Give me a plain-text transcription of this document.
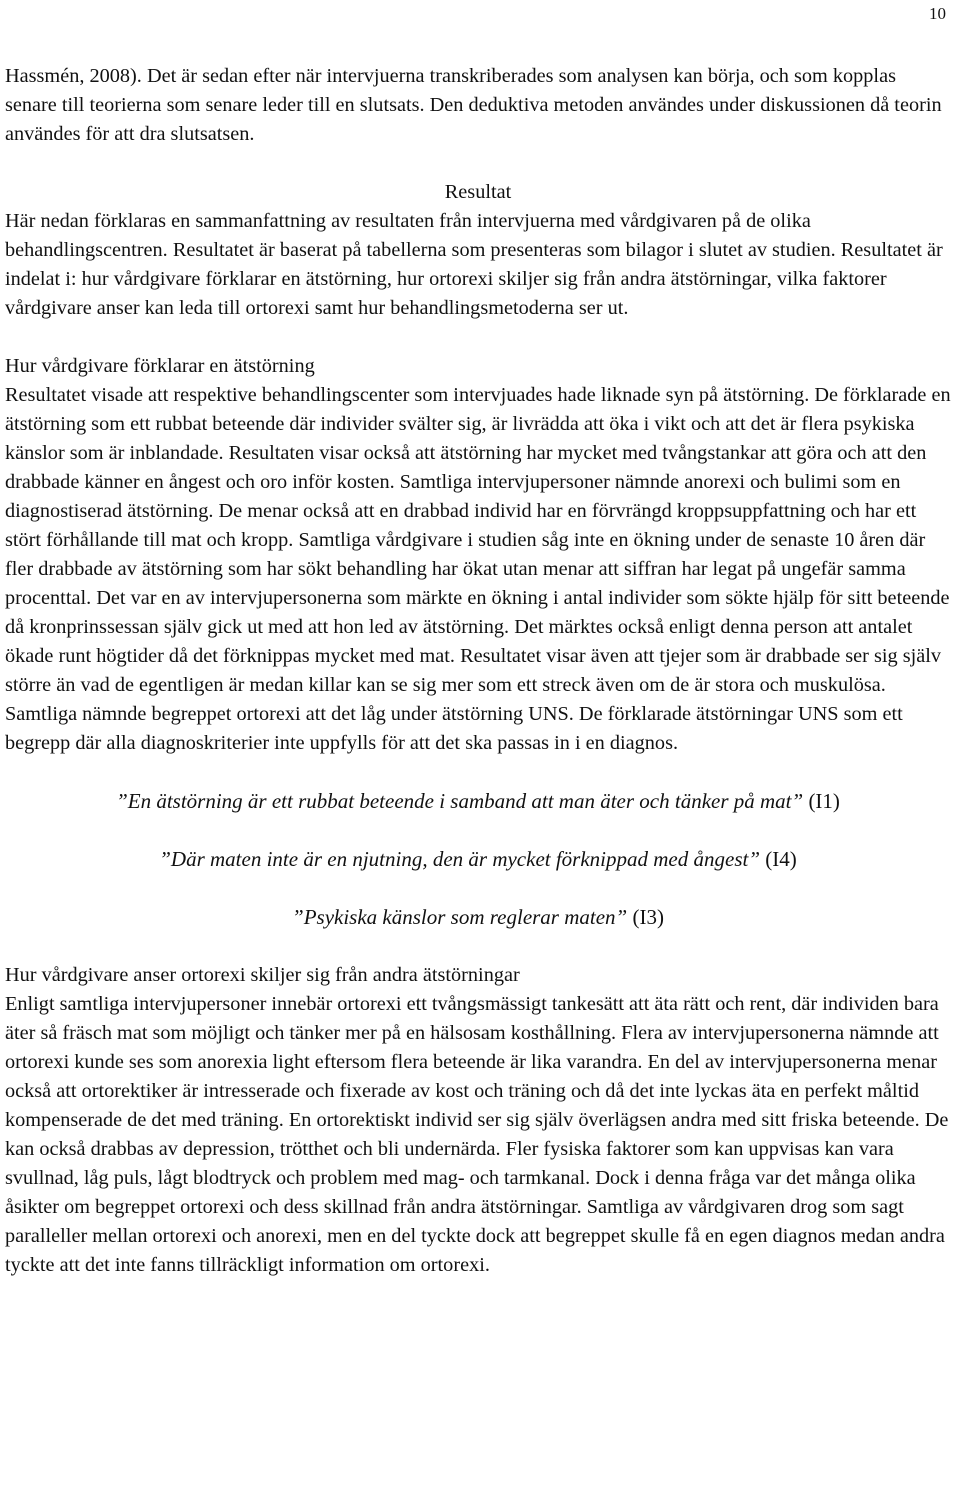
10

Hassmén, 2008). Det är sedan efter när intervjuerna transkriberades som analysen kan börja, och som kopplas senare till teorierna som senare leder till en slutsats. Den deduktiva metoden användes under diskussionen då teorin användes för att dra slutsatsen.

Resultat

Här nedan förklaras en sammanfattning av resultaten från intervjuerna med vårdgivaren på de olika behandlingscentren. Resultatet är baserat på tabellerna som presenteras som bilagor i slutet av studien. Resultatet är indelat i: hur vårdgivare förklarar en ätstörning, hur ortorexi skiljer sig från andra ätstörningar, vilka faktorer vårdgivare anser kan leda till ortorexi samt hur behandlingsmetoderna ser ut.

Hur vårdgivare förklarar en ätstörning
Resultatet visade att respektive behandlingscenter som intervjuades hade liknade syn på ätstörning. De förklarade en ätstörning som ett rubbat beteende där individer svälter sig, är livrädda att öka i vikt och att det är flera psykiska känslor som är inblandade. Resultaten visar också att ätstörning har mycket med tvångstankar att göra och att den drabbade känner en ångest och oro inför kosten. Samtliga intervjupersoner nämnde anorexi och bulimi som en diagnostiserad ätstörning. De menar också att en drabbad individ har en förvrängd kroppsuppfattning och har ett stört förhållande till mat och kropp. Samtliga vårdgivare i studien såg inte en ökning under de senaste 10 åren där fler drabbade av ätstörning som har sökt behandling har ökat utan menar att siffran har legat på ungefär samma procenttal. Det var en av intervjupersonerna som märkte en ökning i antal individer som sökte hjälp för sitt beteende då kronprinssessan själv gick ut med att hon led av ätstörning. Det märktes också enligt denna person att antalet ökade runt högtider då det förknippas mycket med mat. Resultatet visar även att tjejer som är drabbade ser sig själv större än vad de egentligen är medan killar kan se sig mer som ett streck även om de är stora och muskulösa. Samtliga nämnde begreppet ortorexi att det låg under ätstörning UNS. De förklarade ätstörningar UNS som ett begrepp där alla diagnoskriterier inte uppfylls för att det ska passas in i en diagnos.

”En ätstörning är ett rubbat beteende i samband att man äter och tänker på mat” (I1)

”Där maten inte är en njutning, den är mycket förknippad med ångest” (I4)

”Psykiska känslor som reglerar maten” (I3)

Hur vårdgivare anser ortorexi skiljer sig från andra ätstörningar
Enligt samtliga intervjupersoner innebär ortorexi ett tvångsmässigt tankesätt att äta rätt och rent, där individen bara äter så fräsch mat som möjligt och tänker mer på en hälsosam kosthållning. Flera av intervjupersonerna nämnde att ortorexi kunde ses som anorexia light eftersom flera beteende är lika varandra. En del av intervjupersonerna menar också att ortorektiker är intresserade och fixerade av kost och träning och då det inte lyckas äta en perfekt måltid kompenserade de det med träning. En ortorektiskt individ ser sig själv överlägsen andra med sitt friska beteende. De kan också drabbas av depression, trötthet och bli undernärda. Fler fysiska faktorer som kan uppvisas kan vara svullnad, låg puls, lågt blodtryck och problem med mag- och tarmkanal. Dock i denna fråga var det många olika åsikter om begreppet ortorexi och dess skillnad från andra ätstörningar. Samtliga av vårdgivaren drog som sagt paralleller mellan ortorexi och anorexi, men en del tyckte dock att begreppet skulle få en egen diagnos medan andra tyckte att det inte fanns tillräckligt information om ortorexi.
